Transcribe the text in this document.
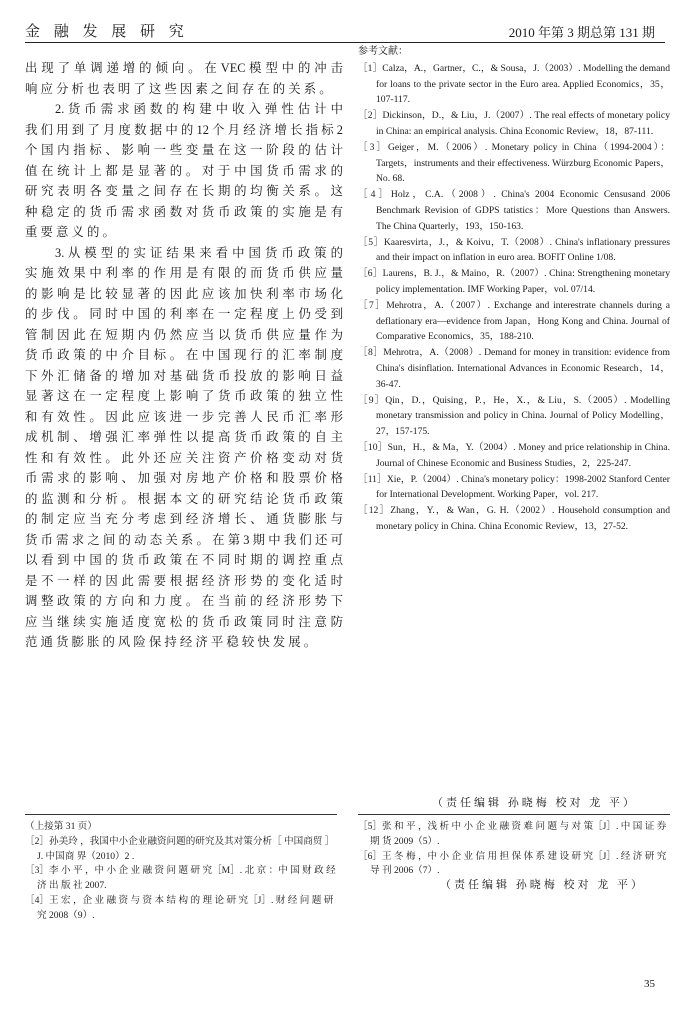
金 融 发 展 研 究	2010 年第 3 期总第 131 期

出 现 了 单 调 递 增 的 倾 向 。 在 VEC 模 型 中 的 冲 击 响 应 分 析 也 表 明 了 这 些 因 素 之 间 存 在 的 关 系 。

2. 货 币 需 求 函 数 的 构 建 中 收 入 弹 性 估 计 中 我 们 用 到 了 月 度 数 据 中 的 12 个 月 经 济 增 长 指 标 2 个 国 内 指 标 、 影 响 一 些 变 量 在 这 一 阶 段 的 估 计 值 在 统 计 上 都 是 显 著 的 。 对 于 中 国 货 币 需 求 的 研 究 表 明 各 变 量 之 间 存 在 长 期 的 均 衡 关 系 。 这 种 稳 定 的 货 币 需 求 函 数 对 货 币 政 策 的 实 施 是 有 重 要 意 义 的 。

3. 从 模 型 的 实 证 结 果 来 看 中 国 货 币 政 策 的 实 施 效 果 中 利 率 的 作 用 是 有 限 的 而 货 币 供 应 量 的 影 响 是 比 较 显 著 的 因 此 应 该 加 快 利 率 市 场 化 的 步 伐 。 同 时 中 国 的 利 率 在 一 定 程 度 上 仍 受 到 管 制 因 此 在 短 期 内 仍 然 应 当 以 货 币 供 应 量 作 为 货 币 政 策 的 中 介 目 标 。 在 中 国 现 行 的 汇 率 制 度 下 外 汇 储 备 的 增 加 对 基 础 货 币 投 放 的 影 响 日 益 显 著 这 在 一 定 程 度 上 影 响 了 货 币 政 策 的 独 立 性 和 有 效 性 。 因 此 应 该 进 一 步 完 善 人 民 币 汇 率 形 成 机 制 、 增 强 汇 率 弹 性 以 提 高 货 币 政 策 的 自 主 性 和 有 效 性 。 此 外 还 应 关 注 资 产 价 格 变 动 对 货 币 需 求 的 影 响 、 加 强 对 房 地 产 价 格 和 股 票 价 格 的 监 测 和 分 析 。 根 据 本 文 的 研 究 结 论 货 币 政 策 的 制 定 应 当 充 分 考 虑 到 经 济 增 长 、 通 货 膨 胀 与 货 币 需 求 之 间 的 动 态 关 系 。 在 第 3 期 中 我 们 还 可 以 看 到 中 国 的 货 币 政 策 在 不 同 时 期 的 调 控 重 点 是 不 一 样 的 因 此 需 要 根 据 经 济 形 势 的 变 化 适 时 调 整 政 策 的 方 向 和 力 度 。 在 当 前 的 经 济 形 势 下 应 当 继 续 实 施 适 度 宽 松 的 货 币 政 策 同 时 注 意 防 范 通 货 膨 胀 的 风 险 保 持 经 济 平 稳 较 快 发 展 。

参考文献：

［1］Calza，A.，Gartner，C.，& Sousa，J.（2003）. Modelling the demand for loans to the private sector in the Euro area. Applied Economics，35，107-117.

［2］Dickinson，D.，& Liu，J.（2007）. The real effects of monetary policy in China: an empirical analysis. China Economic Review，18，87-111.

［3］Geiger，M.（2006）. Monetary policy in China（1994-2004）：Targets，instruments and their effectiveness. Würzburg Economic Papers，No. 68.

［4］Holz，C.A.（2008）. China's 2004 Economic Censusand 2006 Benchmark Revision of GDPS tatistics：More Questions than Answers. The China Quarterly，193，150-163.

［5］Kaaresvirta，J.，& Koivu，T.（2008）. China's inflationary pressures and their impact on inflation in euro area. BOFIT Online 1/08.

［6］Laurens，B. J.，& Maino，R.（2007）. China: Strengthening monetary policy implementation. IMF Working Paper，vol. 07/14.

［7］Mehrotra，A.（2007）. Exchange and interestrate channels during a deflationary era—evidence from Japan，Hong Kong and China. Journal of Comparative Economics，35，188-210.

［8］Mehrotra，A.（2008）. Demand for money in transition: evidence from China's disinflation. International Advances in Economic Research，14，36-47.

［9］Qin，D.，Quising，P.，He，X.，& Liu，S.（2005）. Modelling monetary transmission and policy in China. Journal of Policy Modelling，27，157-175.

［10］Sun，H.，& Ma，Y.（2004）. Money and price relationship in China. Journal of Chinese Economic and Business Studies，2，225-247.

［11］Xie，P.（2004）. China's monetary policy：1998-2002 Stanford Center for International Development. Working Paper，vol. 217.

［12］Zhang，Y.，& Wan，G. H.（2002）. Household consumption and monetary policy in China. China Economic Review，13，27-52.

（责任编辑 孙晓梅 校对 龙 平）

（上接第 31 页）

［2］孙美玲 ，我国中小企业融资问题的研究及其对策分析［ 中国商贸 ］J. 中国商 界（2010）2 .

［3］李 小 平 ，中 小 企 业 融 资 问 题 研 究［M］. 北 京 ：中 国 财 政 经 济 出 版 社 2007.

［4］王 宏 ，企 业 融 资 与 资 本 结 构 的 理 论 研 究［J］. 财 经 问 题 研 究 2008（9）.

［5］张 和 平 ，浅 析 中 小 企 业 融 资 难 问 题 与 对 策［J］. 中 国 证 券 期 货 2009（5）.

［6］王 冬 梅 ，中 小 企 业 信 用 担 保 体 系 建 设 研 究［J］. 经 济 研 究 导 刊 2006（7）.

（责任编辑 孙晓梅 校对 龙 平）
35
